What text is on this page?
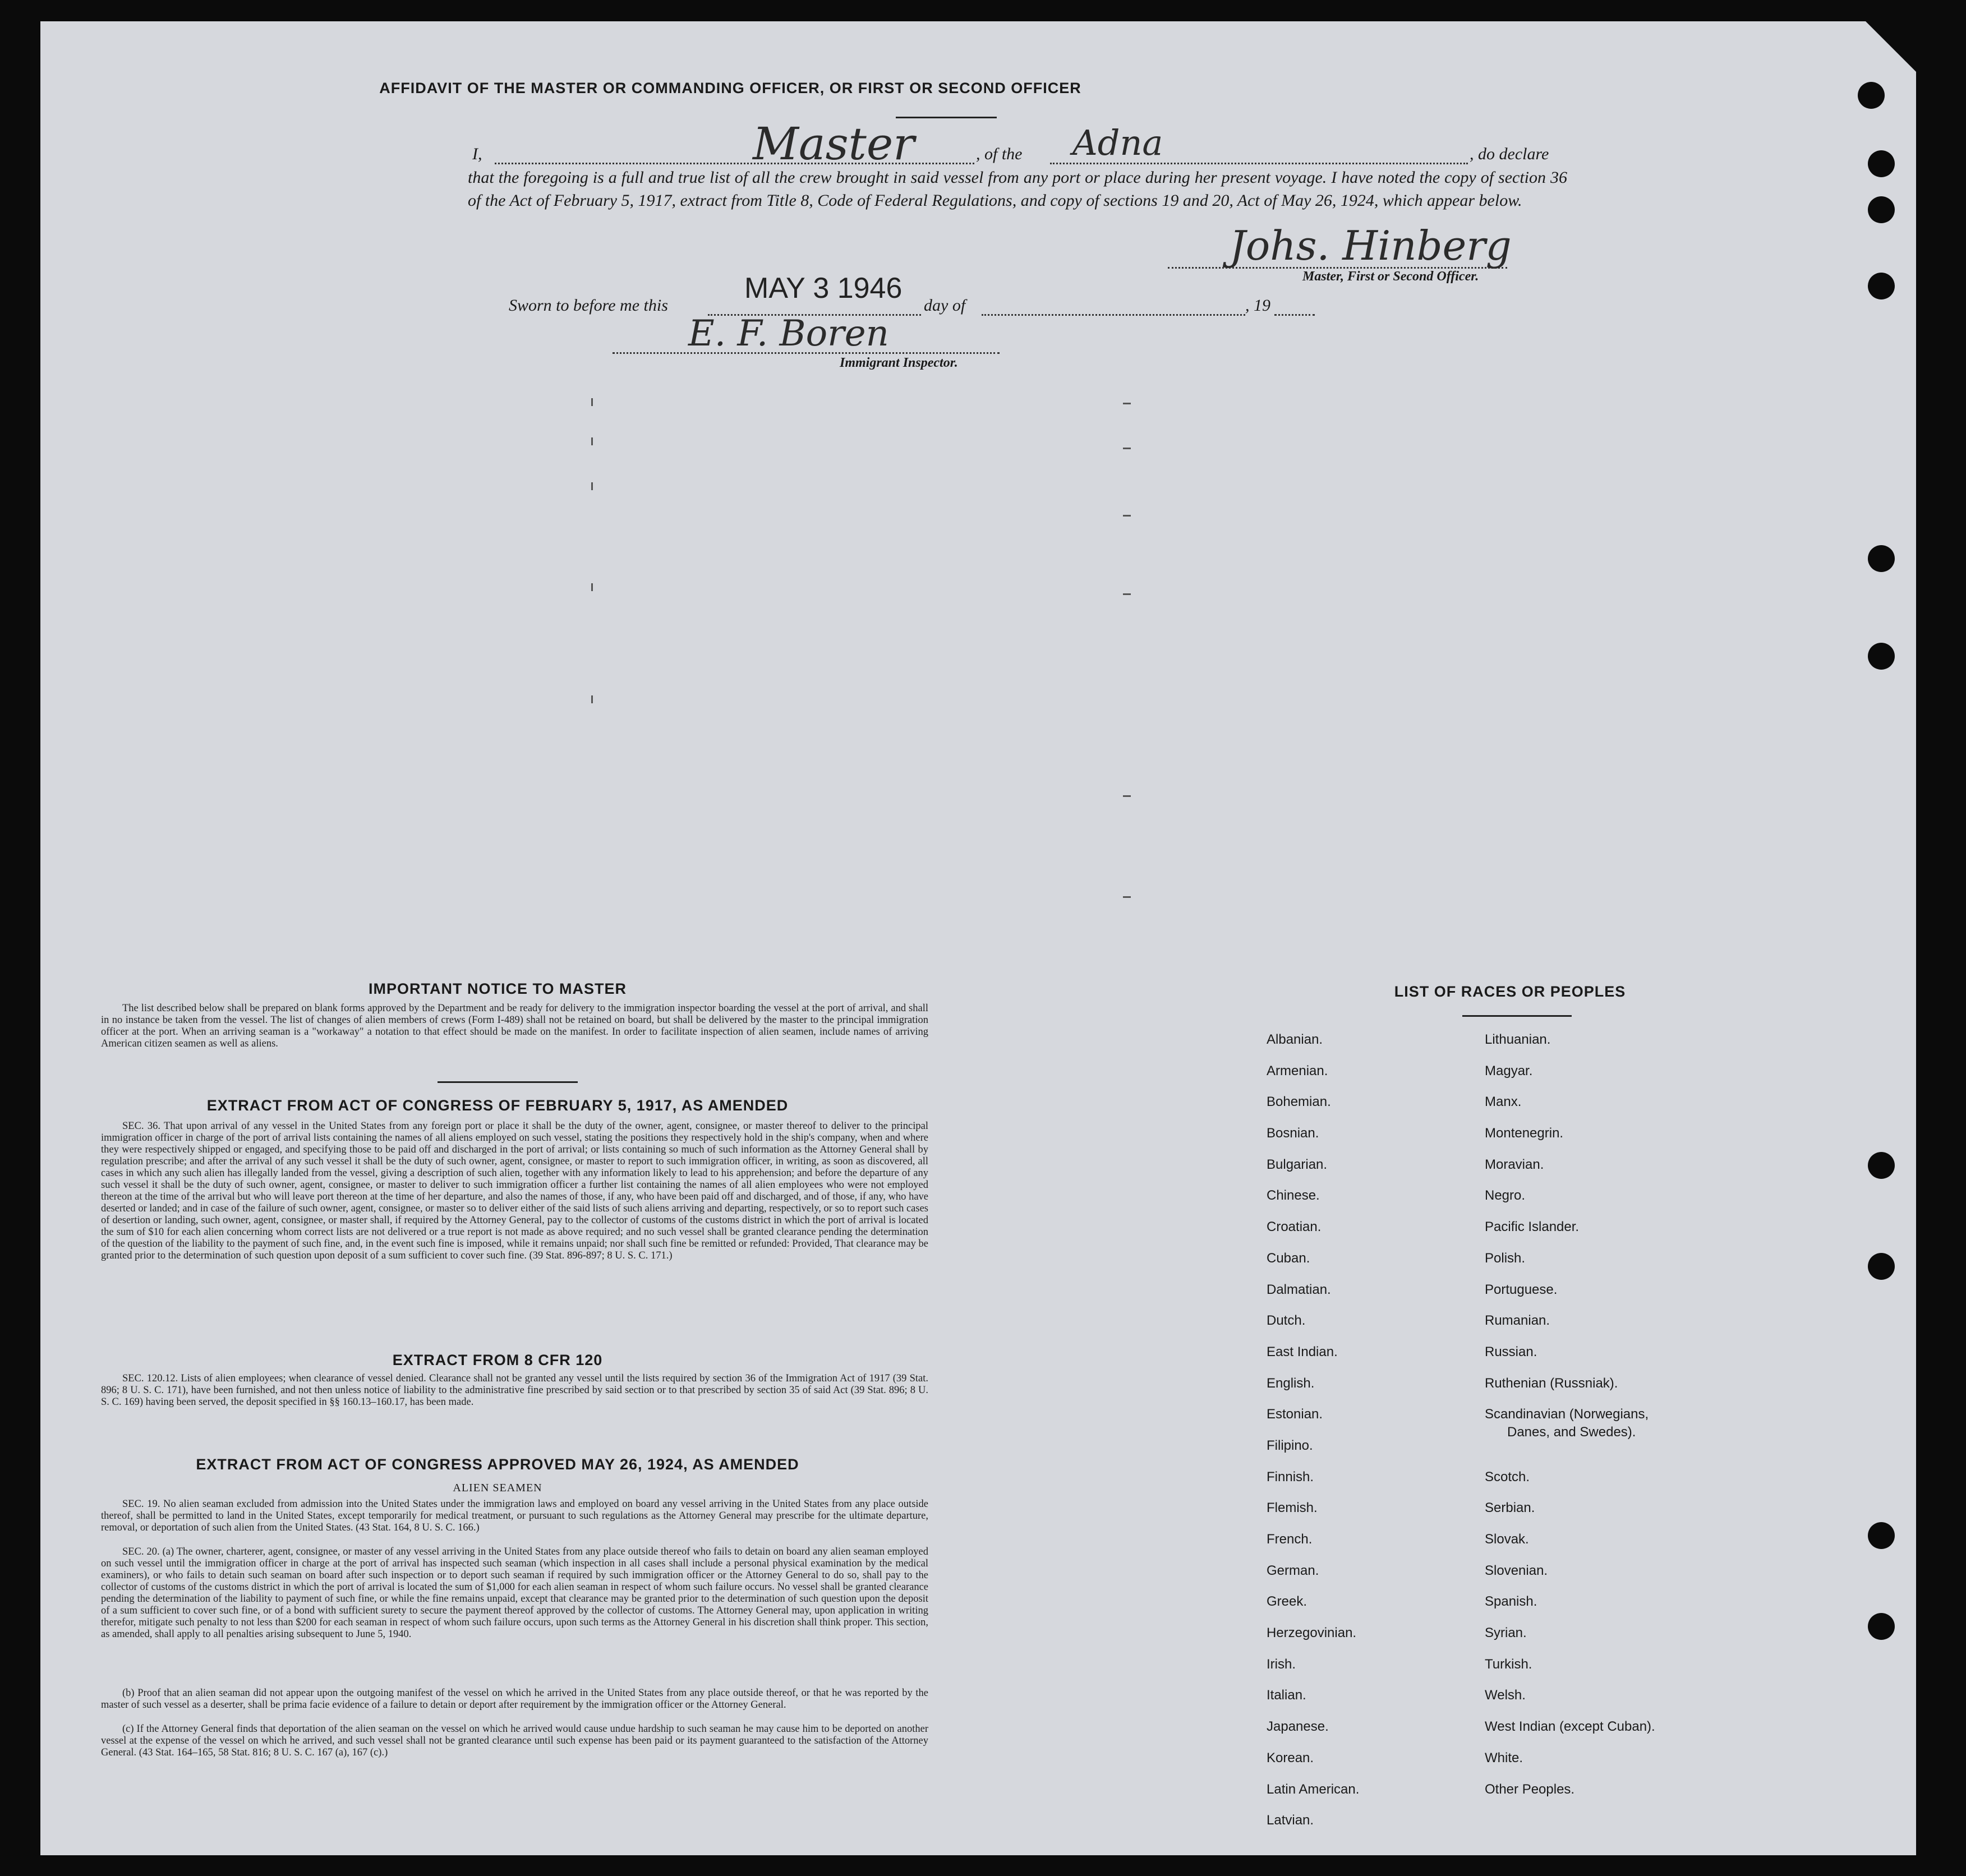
AFFIDAVIT OF THE MASTER OR COMMANDING OFFICER, OR FIRST OR SECOND OFFICER
I,	Master	, of the Adna	, do declare
that the foregoing is a full and true list of all the crew brought in said vessel from any port or place during her present voyage. I have noted the copy of section 36 of the Act of February 5, 1917, extract from Title 8, Code of Federal Regulations, and copy of sections 19 and 20, Act of May 26, 1924, which appear below.
Johs. Hinberg
Master, First or Second Officer.
Sworn to before me this
MAY 3 1946
day of	, 19
E. F. Boren
Immigrant Inspector.
IMPORTANT NOTICE TO MASTER
The list described below shall be prepared on blank forms approved by the Department and be ready for delivery to the immigration inspector boarding the vessel at the port of arrival, and shall in no instance be taken from the vessel. The list of changes of alien members of crews (Form I-489) shall not be retained on board, but shall be delivered by the master to the principal immigration officer at the port. When an arriving seaman is a "workaway" a notation to that effect should be made on the manifest. In order to facilitate inspection of alien seamen, include names of arriving American citizen seamen as well as aliens.
EXTRACT FROM ACT OF CONGRESS OF FEBRUARY 5, 1917, AS AMENDED
SEC. 36. That upon arrival of any vessel in the United States from any foreign port or place it shall be the duty of the owner, agent, consignee, or master thereof to deliver to the principal immigration officer in charge of the port of arrival lists containing the names of all aliens employed on such vessel, stating the positions they respectively hold in the ship's company, when and where they were respectively shipped or engaged, and specifying those to be paid off and discharged in the port of arrival; or lists containing so much of such information as the Attorney General shall by regulation prescribe; and after the arrival of any such vessel it shall be the duty of such owner, agent, consignee, or master to report to such immigration officer, in writing, as soon as discovered, all cases in which any such alien has illegally landed from the vessel, giving a description of such alien, together with any information likely to lead to his apprehension; and before the departure of any such vessel it shall be the duty of such owner, agent, consignee, or master to deliver to such immigration officer a further list containing the names of all alien employees who were not employed thereon at the time of the arrival but who will leave port thereon at the time of her departure, and also the names of those, if any, who have been paid off and discharged, and of those, if any, who have deserted or landed; and in case of the failure of such owner, agent, consignee, or master so to deliver either of the said lists of such aliens arriving and departing, respectively, or so to report such cases of desertion or landing, such owner, agent, consignee, or master shall, if required by the Attorney General, pay to the collector of customs of the customs district in which the port of arrival is located the sum of $10 for each alien concerning whom correct lists are not delivered or a true report is not made as above required; and no such vessel shall be granted clearance pending the determination of the question of the liability to the payment of such fine, and, in the event such fine is imposed, while it remains unpaid; nor shall such fine be remitted or refunded: Provided, That clearance may be granted prior to the determination of such question upon deposit of a sum sufficient to cover such fine. (39 Stat. 896-897; 8 U. S. C. 171.)
EXTRACT FROM 8 CFR 120
SEC. 120.12. Lists of alien employees; when clearance of vessel denied. Clearance shall not be granted any vessel until the lists required by section 36 of the Immigration Act of 1917 (39 Stat. 896; 8 U. S. C. 171), have been furnished, and not then unless notice of liability to the administrative fine prescribed by said section or to that prescribed by section 35 of said Act (39 Stat. 896; 8 U. S. C. 169) having been served, the deposit specified in §§ 160.13–160.17, has been made.
EXTRACT FROM ACT OF CONGRESS APPROVED MAY 26, 1924, AS AMENDED
ALIEN SEAMEN
SEC. 19. No alien seaman excluded from admission into the United States under the immigration laws and employed on board any vessel arriving in the United States from any place outside thereof, shall be permitted to land in the United States, except temporarily for medical treatment, or pursuant to such regulations as the Attorney General may prescribe for the ultimate departure, removal, or deportation of such alien from the United States. (43 Stat. 164, 8 U. S. C. 166.)
SEC. 20. (a) The owner, charterer, agent, consignee, or master of any vessel arriving in the United States from any place outside thereof who fails to detain on board any alien seaman employed on such vessel until the immigration officer in charge at the port of arrival has inspected such seaman (which inspection in all cases shall include a personal physical examination by the medical examiners), or who fails to detain such seaman on board after such inspection or to deport such seaman if required by such immigration officer or the Attorney General to do so, shall pay to the collector of customs of the customs district in which the port of arrival is located the sum of $1,000 for each alien seaman in respect of whom such failure occurs. No vessel shall be granted clearance pending the determination of the liability to payment of such fine, or while the fine remains unpaid, except that clearance may be granted prior to the determination of such question upon the deposit of a sum sufficient to cover such fine, or of a bond with sufficient surety to secure the payment thereof approved by the collector of customs. The Attorney General may, upon application in writing therefor, mitigate such penalty to not less than $200 for each seaman in respect of whom such failure occurs, upon such terms as the Attorney General in his discretion shall think proper. This section, as amended, shall apply to all penalties arising subsequent to June 5, 1940.
(b) Proof that an alien seaman did not appear upon the outgoing manifest of the vessel on which he arrived in the United States from any place outside thereof, or that he was reported by the master of such vessel as a deserter, shall be prima facie evidence of a failure to detain or deport after requirement by the immigration officer or the Attorney General.
(c) If the Attorney General finds that deportation of the alien seaman on the vessel on which he arrived would cause undue hardship to such seaman he may cause him to be deported on another vessel at the expense of the vessel on which he arrived, and such vessel shall not be granted clearance until such expense has been paid or its payment guaranteed to the satisfaction of the Attorney General. (43 Stat. 164–165, 58 Stat. 816; 8 U. S. C. 167 (a), 167 (c).)
LIST OF RACES OR PEOPLES
Albanian.
Armenian.
Bohemian.
Bosnian.
Bulgarian.
Chinese.
Croatian.
Cuban.
Dalmatian.
Dutch.
East Indian.
English.
Estonian.
Filipino.
Finnish.
Flemish.
French.
German.
Greek.
Herzegovinian.
Irish.
Italian.
Japanese.
Korean.
Latin American.
Latvian.
Lithuanian.
Magyar.
Manx.
Montenegrin.
Moravian.
Negro.
Pacific Islander.
Polish.
Portuguese.
Rumanian.
Russian.
Ruthenian (Russniak).
Scandinavian (Norwegians,
Danes, and Swedes).
Scotch.
Serbian.
Slovak.
Slovenian.
Spanish.
Syrian.
Turkish.
Welsh.
West Indian (except Cuban).
White.
Other Peoples.
